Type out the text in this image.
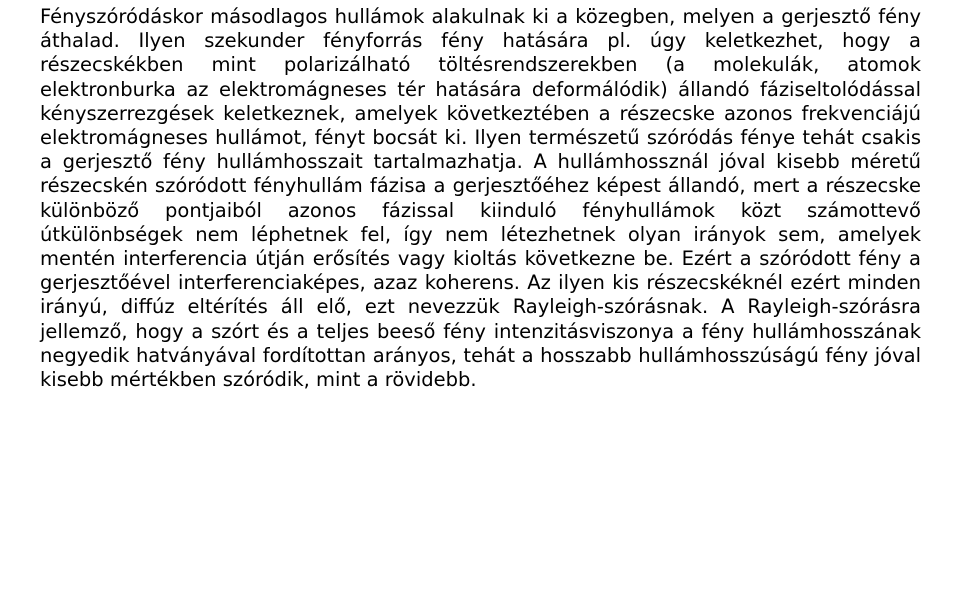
Fényszóródáskor másodlagos hullámok alakulnak ki a közegben, melyen a gerjesztő fény áthalad. Ilyen szekunder fényforrás fény hatására pl. úgy keletkezhet, hogy a részecskékben mint polarizálható töltésrendszerekben (a molekulák, atomok elektronburka az elektromágneses tér hatására deformálódik) állandó fáziseltolódással kényszerrezgések keletkeznek, amelyek következtében a részecske azonos frekvenciájú elektromágneses hullámot, fényt bocsát ki. Ilyen természetű szóródás fénye tehát csakis a gerjesztő fény hullámhosszait tartalmazhatja. A hullámhossznál jóval kisebb méretű részecskén szóródott fényhullám fázisa a gerjesztőéhez képest állandó, mert a részecske különböző pontjaiból azonos fázissal kiinduló fényhullámok közt számottevő útkülönbségek nem léphetnek fel, így nem létezhetnek olyan irányok sem, amelyek mentén interferencia útján erősítés vagy kioltás következne be. Ezért a szóródott fény a gerjesztőével interferenciaképes, azaz koherens. Az ilyen kis részecskéknél ezért minden irányú, diffúz eltérítés áll elő, ezt nevezzük Rayleigh-szórásnak. A Rayleigh-szórásra jellemző, hogy a szórt és a teljes beeső fény intenzitásviszonya a fény hullámhosszának negyedik hatványával fordítottan arányos, tehát a hosszabb hullámhosszúságú fény jóval kisebb mértékben szóródik, mint a rövidebb.
